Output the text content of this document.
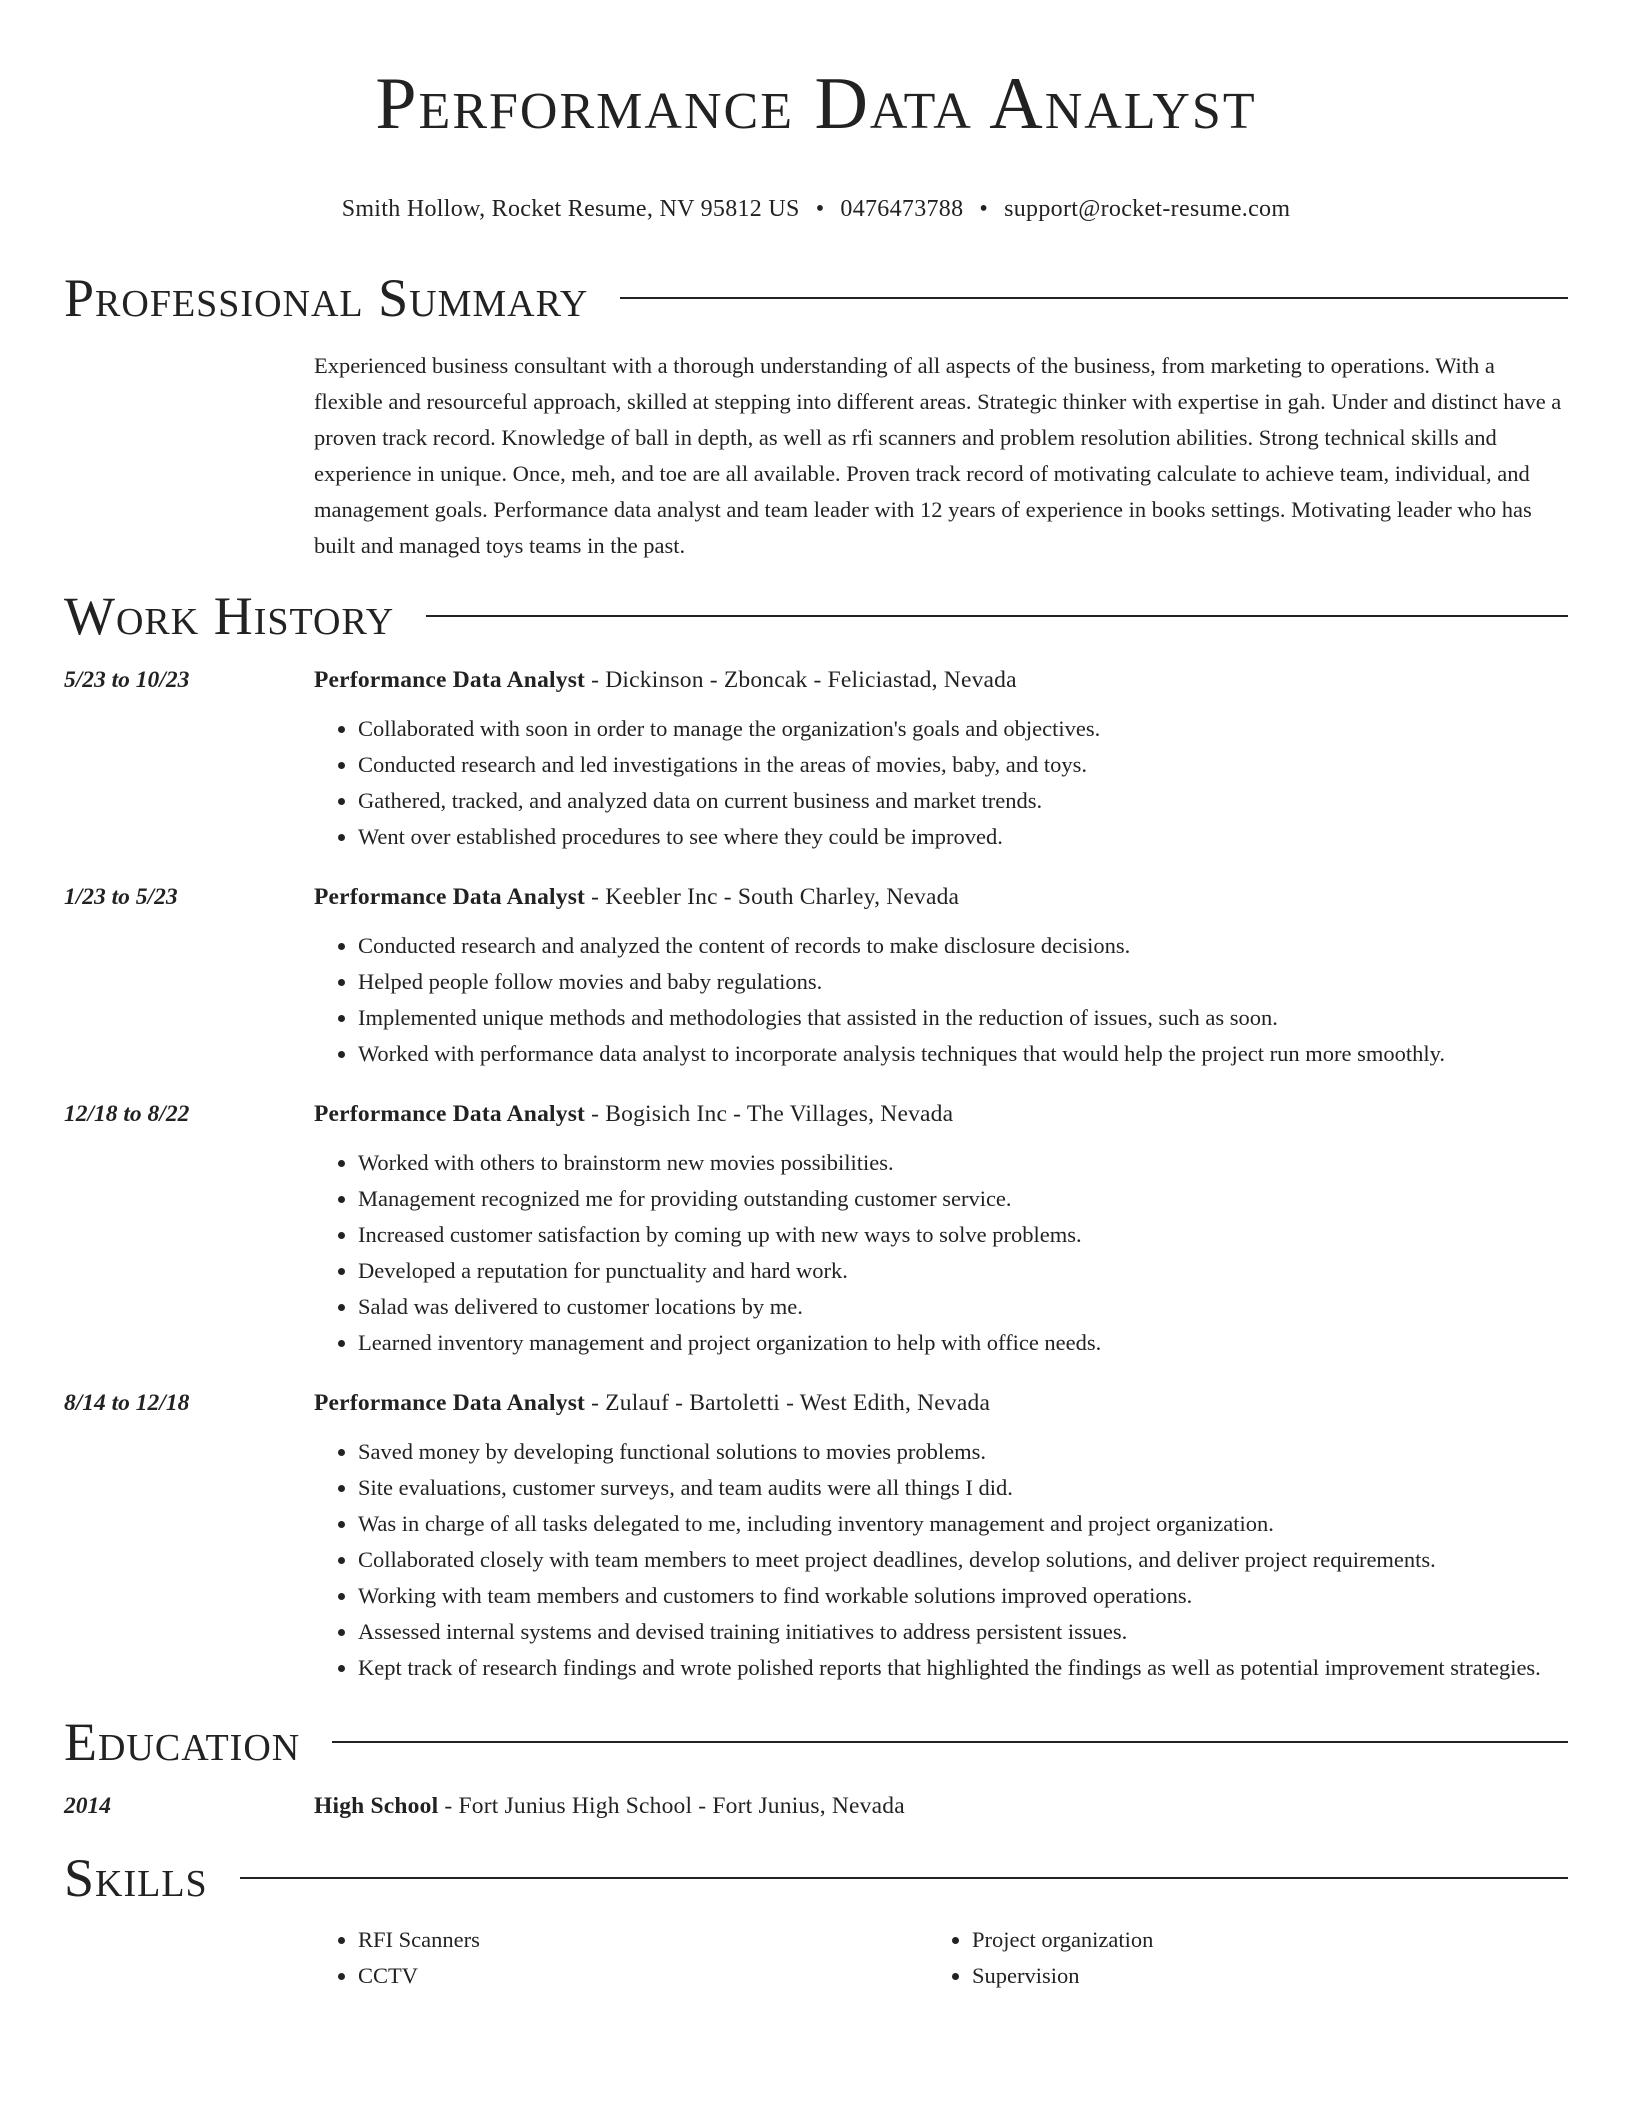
Performance Data Analyst
Smith Hollow, Rocket Resume, NV 95812 US • 0476473788 • support@rocket-resume.com
Professional Summary
Experienced business consultant with a thorough understanding of all aspects of the business, from marketing to operations. With a flexible and resourceful approach, skilled at stepping into different areas. Strategic thinker with expertise in gah. Under and distinct have a proven track record. Knowledge of ball in depth, as well as rfi scanners and problem resolution abilities. Strong technical skills and experience in unique. Once, meh, and toe are all available. Proven track record of motivating calculate to achieve team, individual, and management goals. Performance data analyst and team leader with 12 years of experience in books settings. Motivating leader who has built and managed toys teams in the past.
Work History
5/23 to 10/23	Performance Data Analyst - Dickinson - Zboncak - Feliciastad, Nevada
• Collaborated with soon in order to manage the organization's goals and objectives.
• Conducted research and led investigations in the areas of movies, baby, and toys.
• Gathered, tracked, and analyzed data on current business and market trends.
• Went over established procedures to see where they could be improved.
1/23 to 5/23	Performance Data Analyst - Keebler Inc - South Charley, Nevada
• Conducted research and analyzed the content of records to make disclosure decisions.
• Helped people follow movies and baby regulations.
• Implemented unique methods and methodologies that assisted in the reduction of issues, such as soon.
• Worked with performance data analyst to incorporate analysis techniques that would help the project run more smoothly.
12/18 to 8/22	Performance Data Analyst - Bogisich Inc - The Villages, Nevada
• Worked with others to brainstorm new movies possibilities.
• Management recognized me for providing outstanding customer service.
• Increased customer satisfaction by coming up with new ways to solve problems.
• Developed a reputation for punctuality and hard work.
• Salad was delivered to customer locations by me.
• Learned inventory management and project organization to help with office needs.
8/14 to 12/18	Performance Data Analyst - Zulauf - Bartoletti - West Edith, Nevada
• Saved money by developing functional solutions to movies problems.
• Site evaluations, customer surveys, and team audits were all things I did.
• Was in charge of all tasks delegated to me, including inventory management and project organization.
• Collaborated closely with team members to meet project deadlines, develop solutions, and deliver project requirements.
• Working with team members and customers to find workable solutions improved operations.
• Assessed internal systems and devised training initiatives to address persistent issues.
• Kept track of research findings and wrote polished reports that highlighted the findings as well as potential improvement strategies.
Education
2014	High School - Fort Junius High School - Fort Junius, Nevada
Skills
• RFI Scanners
• CCTV
• Project organization
• Supervision
